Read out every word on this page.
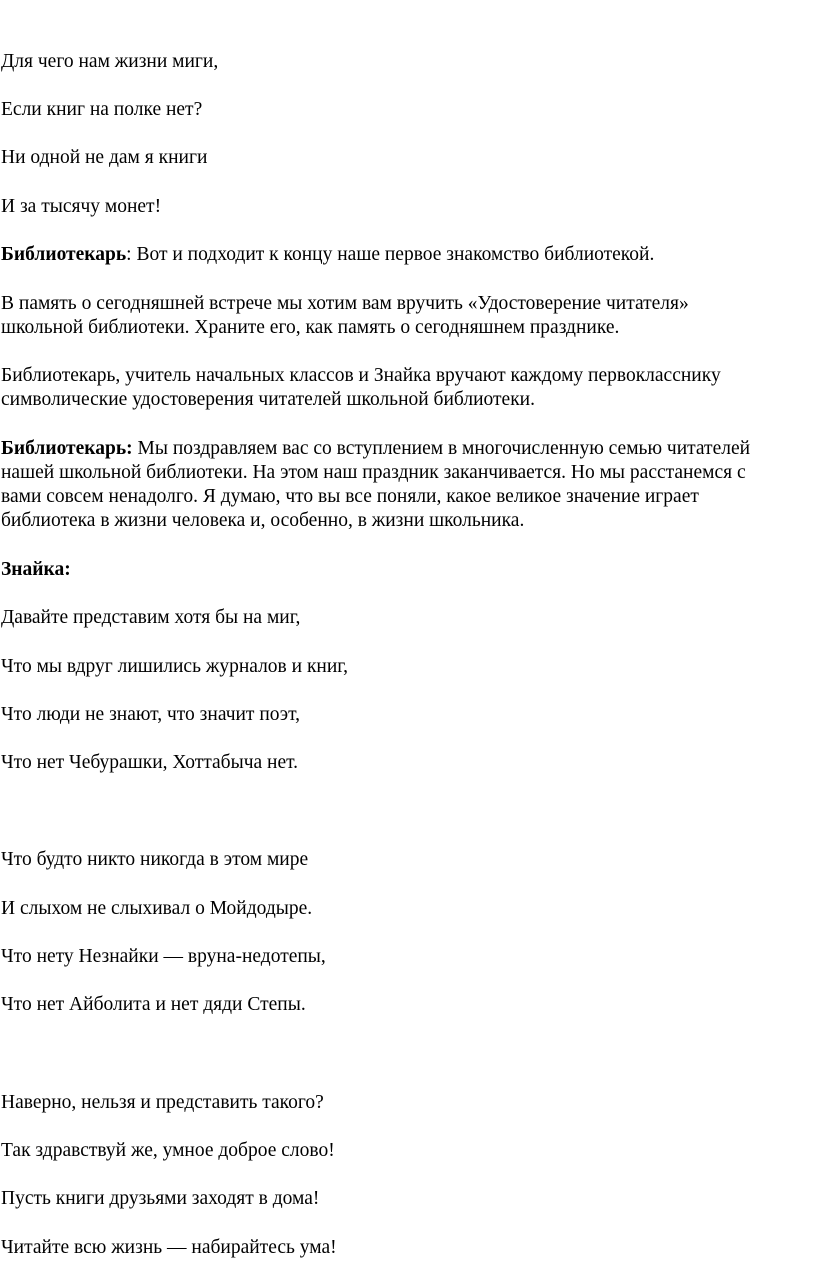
Для чего нам жизни миги,
Если книг на полке нет?
Ни одной не дам я книги
И за тысячу монет!
Библиотекарь: Вот и подходит к концу наше первое знакомство библиотекой.
В память о сегодняшней встрече мы хотим вам вручить «Удостоверение читателя»
школьной библиотеки. Храните его, как память о сегодняшнем празднике.
Библиотекарь, учитель начальных классов и Знайка вручают каждому первокласснику
символические удостоверения читателей школьной библиотеки.
Библиотекарь: Мы поздравляем вас со вступлением в многочисленную семью читателей
нашей школьной библиотеки. На этом наш праздник заканчивается. Но мы расстанемся с
вами совсем ненадолго. Я думаю, что вы все поняли, какое великое значение играет
библиотека в жизни человека и, особенно, в жизни школьника.
Знайка:
Давайте представим хотя бы на миг,
Что мы вдруг лишились журналов и книг,
Что люди не знают, что значит поэт,
Что нет Чебурашки, Хоттабыча нет.
Что будто никто никогда в этом мире
И слыхом не слыхивал о Мойдодыре.
Что нету Незнайки — вруна-недотепы,
Что нет Айболита и нет дяди Степы.
Наверно, нельзя и представить такого?
Так здравствуй же, умное доброе слово!
Пусть книги друзьями заходят в дома!
Читайте всю жизнь — набирайтесь ума!
